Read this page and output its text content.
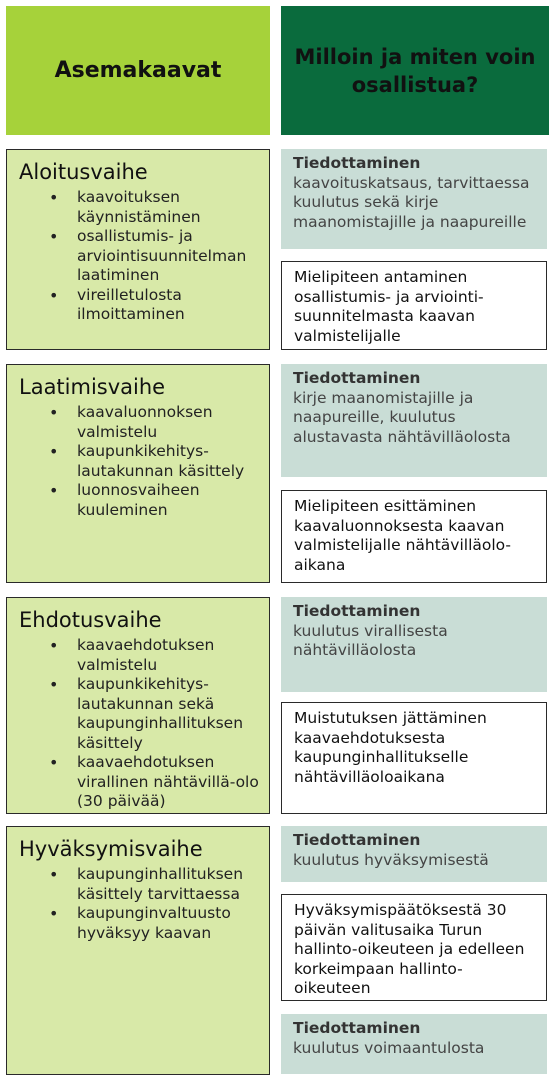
Asemakaavat
Milloin ja miten voin osallistua?
Aloitusvaihe
• kaavoituksen käynnistäminen
• osallistumis- ja arviointisuunnitelman laatiminen
• vireilletulosta ilmoittaminen
Laatimisvaihe
• kaavaluonnoksen valmistelu
• kaupunkikehitys-lautakunnan käsittely
• luonnosvaiheen kuuleminen
Ehdotusvaihe
• kaavaehdotuksen valmistelu
• kaupunkikehitys-lautakunnan sekä kaupunginhallituksen käsittely
• kaavaehdotuksen virallinen nähtävillä-olo (30 päivää)
Hyväksymisvaihe
• kaupunginhallituksen käsittely tarvittaessa
• kaupunginvaltuusto hyväksyy kaavan
Tiedottaminen
kaavoituskatsaus, tarvittaessa kuulutus sekä kirje maanomistajille ja naapureille
Tiedottaminen
kirje maanomistajille ja naapureille, kuulutus alustavasta nähtävilläolosta
Tiedottaminen
kuulutus virallisesta nähtävilläolosta
Tiedottaminen
kuulutus hyväksymisestä
Tiedottaminen
kuulutus voimaantulosta
Mielipiteen antaminen osallistumis- ja arviointi-suunnitelmasta kaavan valmistelijalle
Mielipiteen esittäminen kaavaluonnoksesta kaavan valmistelijalle nähtävilläolo-aikana
Muistutuksen jättäminen kaavaehdotuksesta kaupunginhallitukselle nähtävilläoloaikana
Hyväksymispäätöksestä 30 päivän valitusaika Turun hallinto-oikeuteen ja edelleen korkeimpaan hallinto-oikeuteen
